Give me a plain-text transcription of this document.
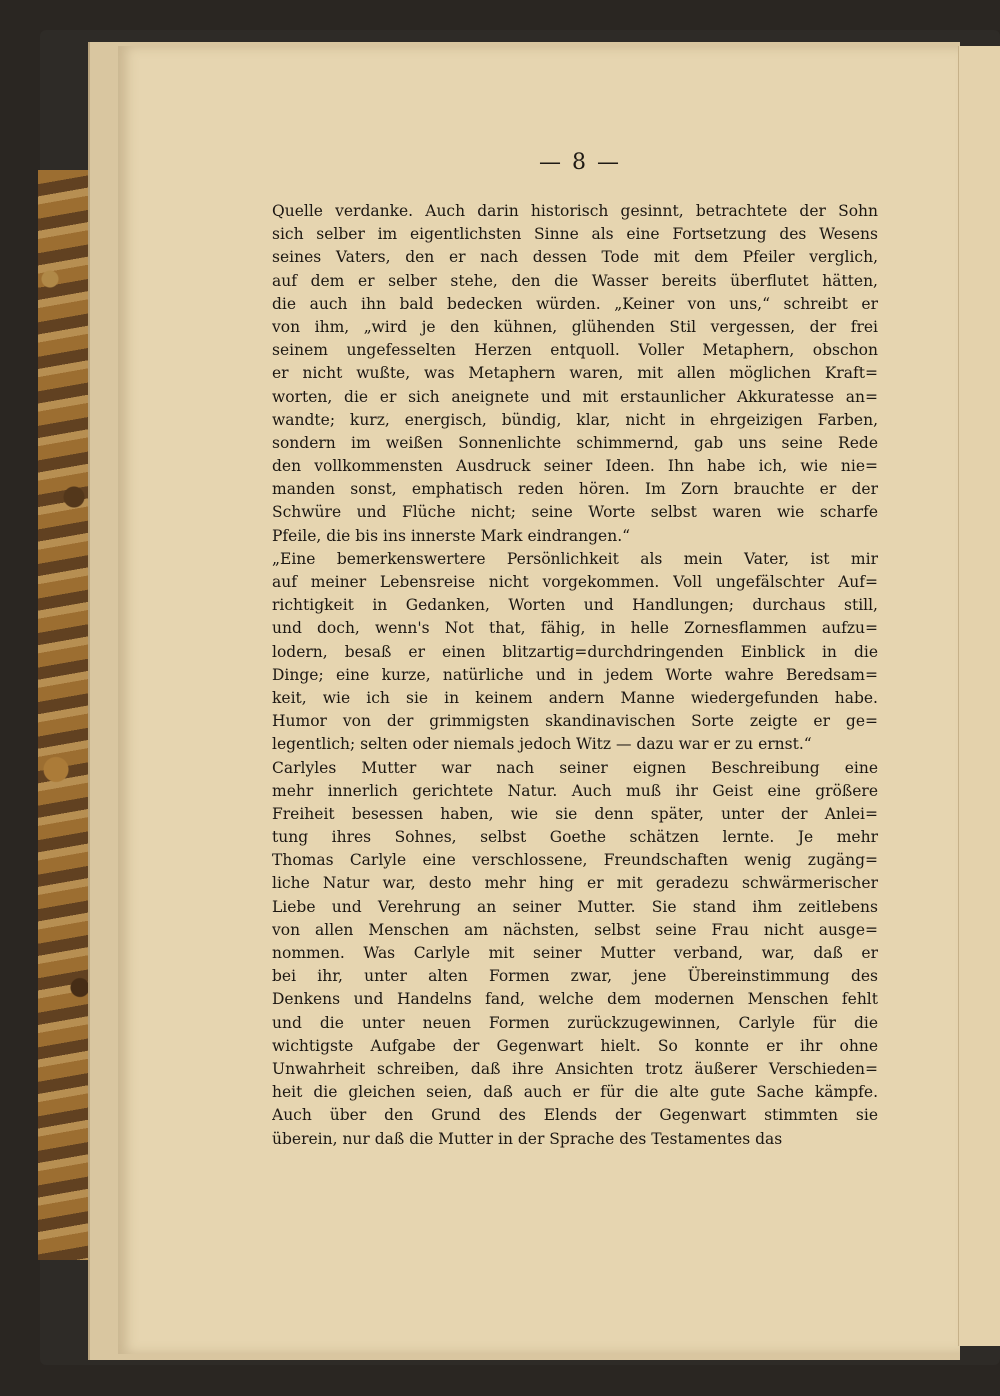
— 8 —
Quelle verdanke. Auch darin historisch gesinnt, betrachtete der Sohn
sich selber im eigentlichsten Sinne als eine Fortsetzung des Wesens
seines Vaters, den er nach dessen Tode mit dem Pfeiler verglich,
auf dem er selber stehe, den die Wasser bereits überflutet hätten,
die auch ihn bald bedecken würden. „Keiner von uns,“ schreibt er
von ihm, „wird je den kühnen, glühenden Stil vergessen, der frei
seinem ungefesselten Herzen entquoll. Voller Metaphern, obschon
er nicht wußte, was Metaphern waren, mit allen möglichen Kraft=
worten, die er sich aneignete und mit erstaunlicher Akkuratesse an=
wandte; kurz, energisch, bündig, klar, nicht in ehrgeizigen Farben,
sondern im weißen Sonnenlichte schimmernd, gab uns seine Rede
den vollkommensten Ausdruck seiner Ideen. Ihn habe ich, wie nie=
manden sonst, emphatisch reden hören. Im Zorn brauchte er der
Schwüre und Flüche nicht; seine Worte selbst waren wie scharfe
Pfeile, die bis ins innerste Mark eindrangen.“
„Eine bemerkenswertere Persönlichkeit als mein Vater, ist mir
auf meiner Lebensreise nicht vorgekommen. Voll ungefälschter Auf=
richtigkeit in Gedanken, Worten und Handlungen; durchaus still,
und doch, wenn's Not that, fähig, in helle Zornesflammen aufzu=
lodern, besaß er einen blitzartig=durchdringenden Einblick in die
Dinge; eine kurze, natürliche und in jedem Worte wahre Beredsam=
keit, wie ich sie in keinem andern Manne wiedergefunden habe.
Humor von der grimmigsten skandinavischen Sorte zeigte er ge=
legentlich; selten oder niemals jedoch Witz — dazu war er zu ernst.“
Carlyles Mutter war nach seiner eignen Beschreibung eine
mehr innerlich gerichtete Natur. Auch muß ihr Geist eine größere
Freiheit besessen haben, wie sie denn später, unter der Anlei=
tung ihres Sohnes, selbst Goethe schätzen lernte. Je mehr
Thomas Carlyle eine verschlossene, Freundschaften wenig zugäng=
liche Natur war, desto mehr hing er mit geradezu schwärmerischer
Liebe und Verehrung an seiner Mutter. Sie stand ihm zeitlebens
von allen Menschen am nächsten, selbst seine Frau nicht ausge=
nommen. Was Carlyle mit seiner Mutter verband, war, daß er
bei ihr, unter alten Formen zwar, jene Übereinstimmung des
Denkens und Handelns fand, welche dem modernen Menschen fehlt
und die unter neuen Formen zurückzugewinnen, Carlyle für die
wichtigste Aufgabe der Gegenwart hielt. So konnte er ihr ohne
Unwahrheit schreiben, daß ihre Ansichten trotz äußerer Verschieden=
heit die gleichen seien, daß auch er für die alte gute Sache kämpfe.
Auch über den Grund des Elends der Gegenwart stimmten sie
überein, nur daß die Mutter in der Sprache des Testamentes das
